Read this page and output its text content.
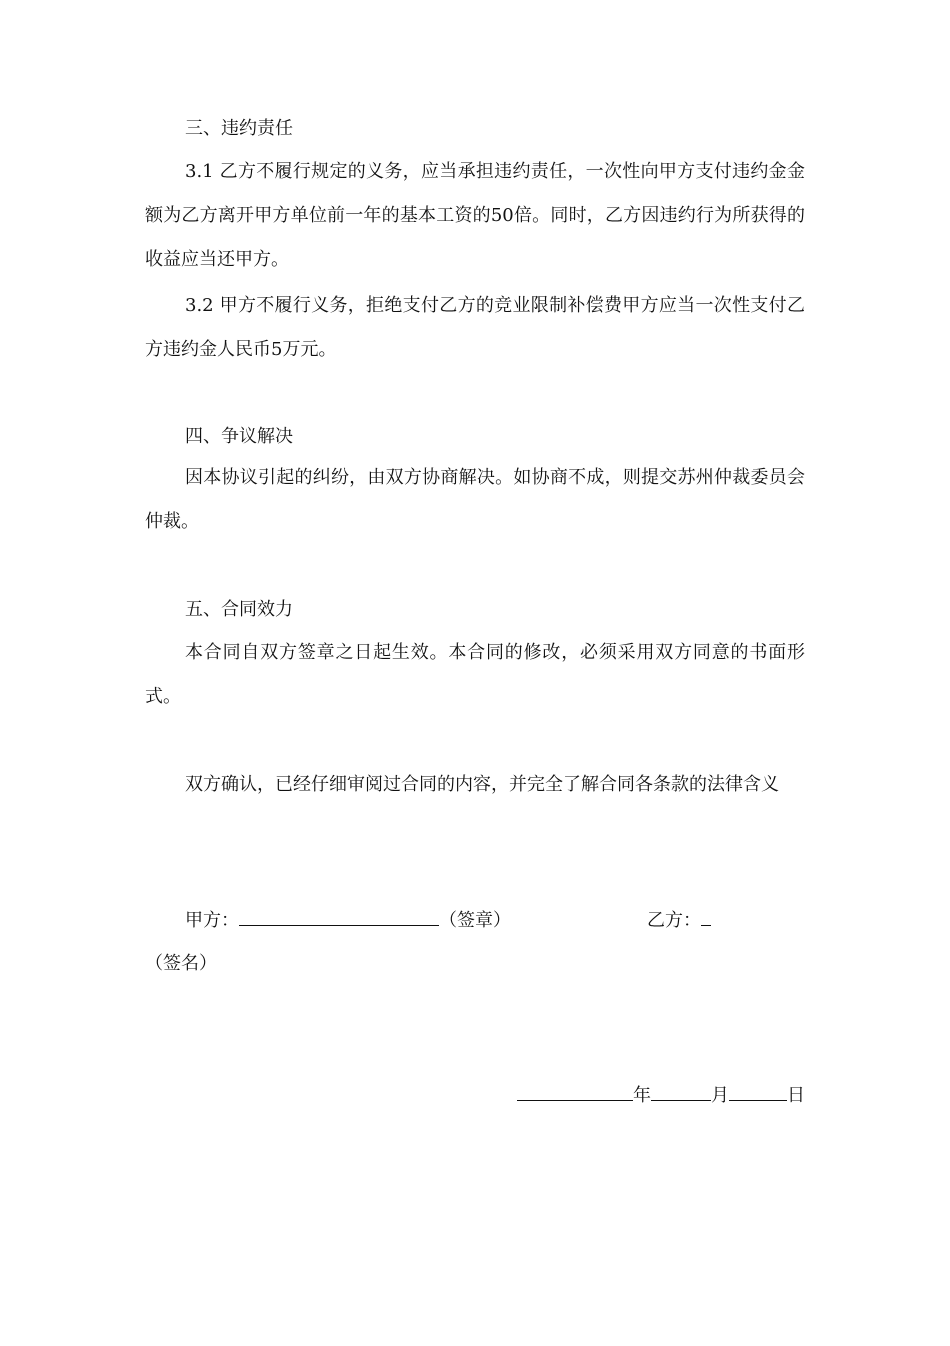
三、违约责任
3.1 乙方不履行规定的义务，应当承担违约责任，一次性向甲方支付违约金金额为乙方离开甲方单位前一年的基本工资的50倍。同时，乙方因违约行为所获得的收益应当还甲方。
3.2 甲方不履行义务，拒绝支付乙方的竞业限制补偿费甲方应当一次性支付乙方违约金人民币5万元。
四、争议解决
因本协议引起的纠纷，由双方协商解决。如协商不成，则提交苏州仲裁委员会仲裁。
五、合同效力
本合同自双方签章之日起生效。本合同的修改，必须采用双方同意的书面形式。
双方确认，已经仔细审阅过合同的内容，并完全了解合同各条款的法律含义
甲方：	（签章）	乙方：
（签名）
年	月	日
